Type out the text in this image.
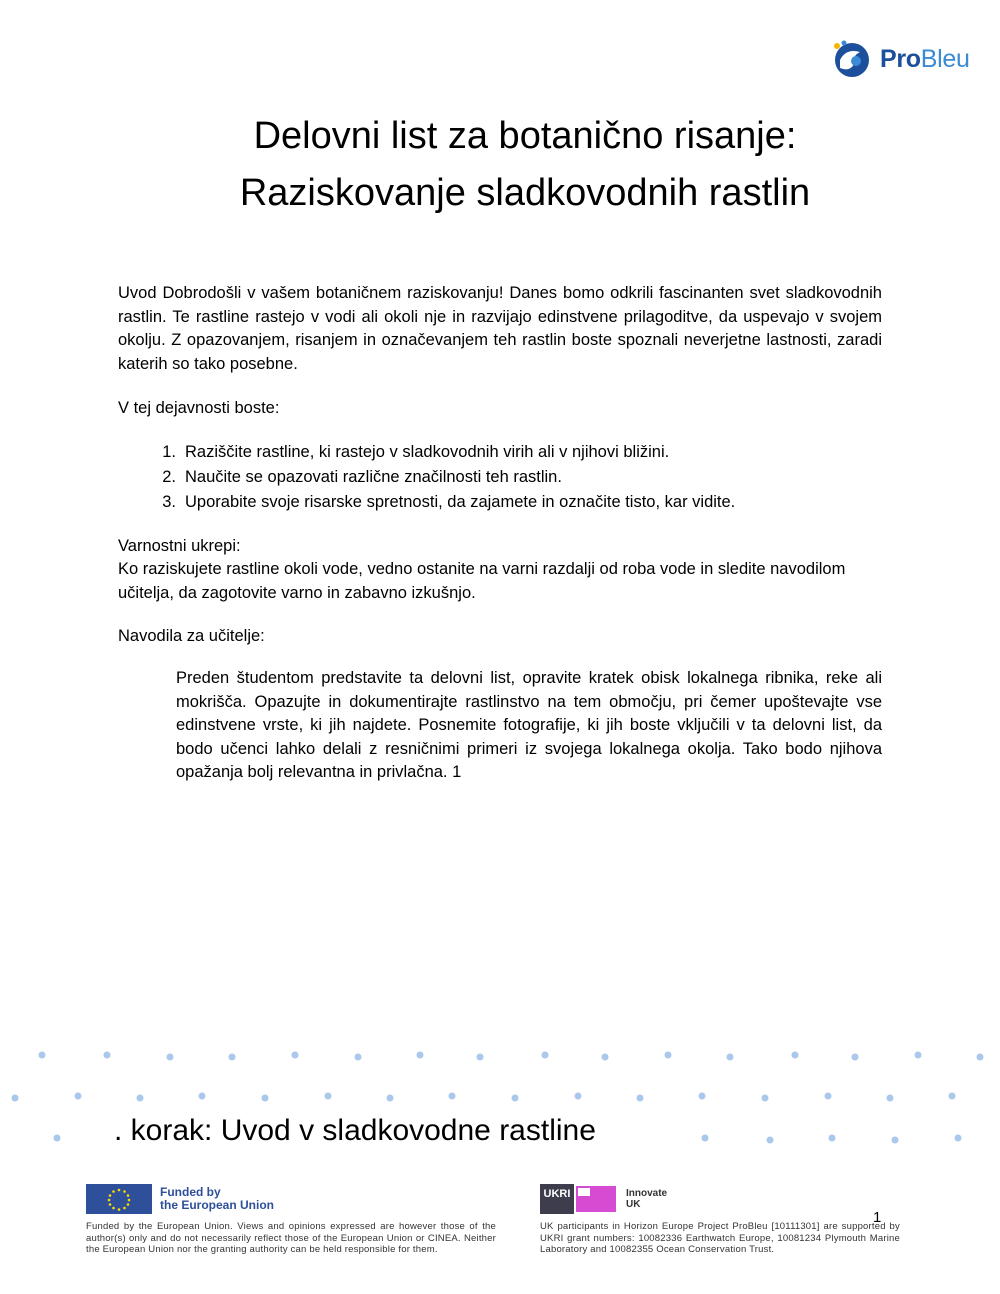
ProBleu
Delovni list za botanično risanje:
Raziskovanje sladkovodnih rastlin

Uvod Dobrodošli v vašem botaničnem raziskovanju! Danes bomo odkrili fascinanten svet sladkovodnih rastlin. Te rastline rastejo v vodi ali okoli nje in razvijajo edinstvene prilagoditve, da uspevajo v svojem okolju. Z opazovanjem, risanjem in označevanjem teh rastlin boste spoznali neverjetne lastnosti, zaradi katerih so tako posebne.

V tej dejavnosti boste:

1. Raziščite rastline, ki rastejo v sladkovodnih virih ali v njihovi bližini.
2. Naučite se opazovati različne značilnosti teh rastlin.
3. Uporabite svoje risarske spretnosti, da zajamete in označite tisto, kar vidite.

Varnostni ukrepi:

Ko raziskujete rastline okoli vode, vedno ostanite na varni razdalji od roba vode in sledite navodilom učitelja, da zagotovite varno in zabavno izkušnjo.

Navodila za učitelje:

Preden študentom predstavite ta delovni list, opravite kratek obisk lokalnega ribnika, reke ali mokrišča. Opazujte in dokumentirajte rastlinstvo na tem območju, pri čemer upoštevajte vse edinstvene vrste, ki jih najdete. Posnemite fotografije, ki jih boste vključili v ta delovni list, da bodo učenci lahko delali z resničnimi primeri iz svojega lokalnega okolja. Tako bodo njihova opažanja bolj relevantna in privlačna. 1

. korak: Uvod v sladkovodne rastline
Funded by
the European Union
Funded by the European Union. Views and opinions expressed are however those of the author(s) only and do not necessarily reflect those of the European Union or CINEA. Neither the European Union nor the granting authority can be held responsible for them.
UKRI	Innovate
UK
UK participants in Horizon Europe Project ProBleu [10111301] are supported by UKRI grant numbers: 10082336 Earthwatch Europe, 10081234 Plymouth Marine Laboratory and 10082355 Ocean Conservation Trust.
1
